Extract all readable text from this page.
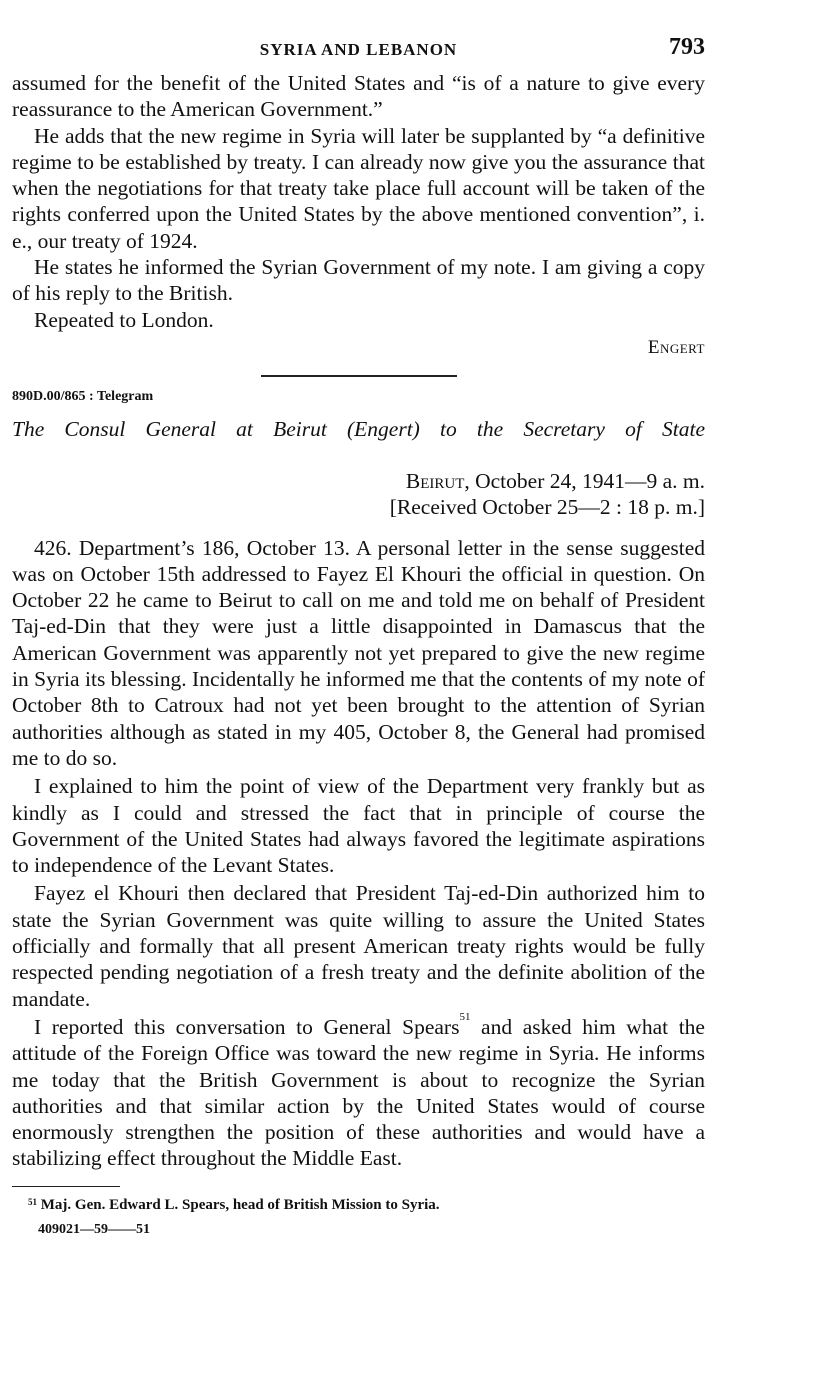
SYRIA AND LEBANON	793

assumed for the benefit of the United States and “is of a nature to give every reassurance to the American Government.”

He adds that the new regime in Syria will later be supplanted by “a definitive regime to be established by treaty. I can already now give you the assurance that when the negotiations for that treaty take place full account will be taken of the rights conferred upon the United States by the above mentioned convention”, i. e., our treaty of 1924.

He states he informed the Syrian Government of my note. I am giving a copy of his reply to the British.

Repeated to London.

Engert
890D.00/865 : Telegram
The Consul General at Beirut (Engert) to the Secretary of State
Beirut, October 24, 1941—9 a. m.
[Received October 25—2 : 18 p. m.]

426. Department’s 186, October 13. A personal letter in the sense suggested was on October 15th addressed to Fayez El Khouri the official in question. On October 22 he came to Beirut to call on me and told me on behalf of President Taj-ed-Din that they were just a little disappointed in Damascus that the American Government was apparently not yet prepared to give the new regime in Syria its blessing. Incidentally he informed me that the contents of my note of October 8th to Catroux had not yet been brought to the attention of Syrian authorities although as stated in my 405, October 8, the General had promised me to do so.

I explained to him the point of view of the Department very frankly but as kindly as I could and stressed the fact that in principle of course the Government of the United States had always favored the legitimate aspirations to independence of the Levant States.

Fayez el Khouri then declared that President Taj-ed-Din authorized him to state the Syrian Government was quite willing to assure the United States officially and formally that all present American treaty rights would be fully respected pending negotiation of a fresh treaty and the definite abolition of the mandate.

I reported this conversation to General Spears$^{51}$ and asked him what the attitude of the Foreign Office was toward the new regime in Syria. He informs me today that the British Government is about to recognize the Syrian authorities and that similar action by the United States would of course enormously strengthen the position of these authorities and would have a stabilizing effect throughout the Middle East.

$^{51}$ Maj. Gen. Edward L. Spears, head of British Mission to Syria.
409021—59——51
